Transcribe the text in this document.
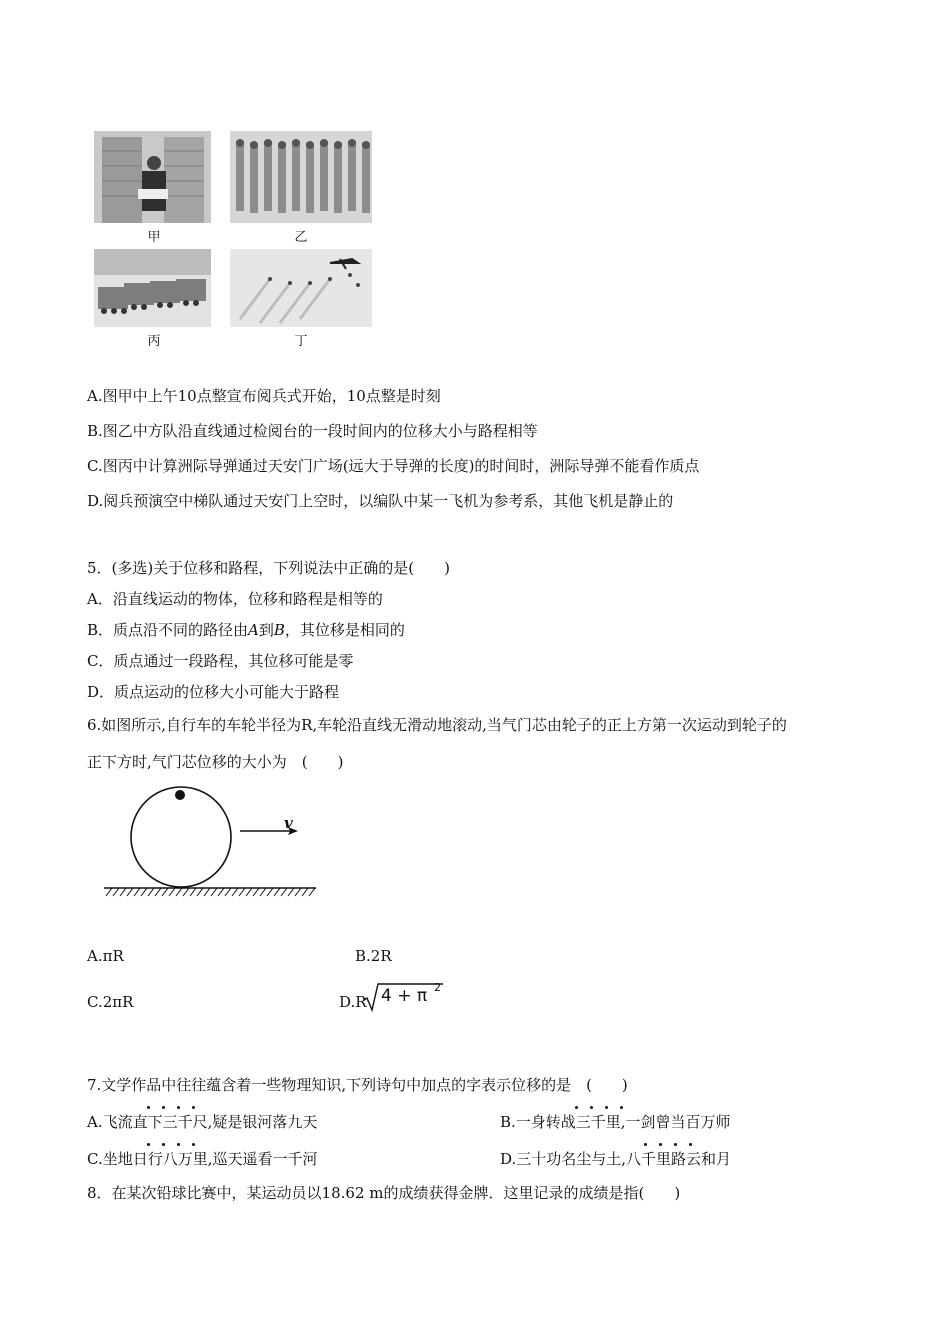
甲	乙
丙	丁
A.图甲中上午10点整宣布阅兵式开始，10点整是时刻
B.图乙中方队沿直线通过检阅台的一段时间内的位移大小与路程相等
C.图丙中计算洲际导弹通过天安门广场(远大于导弹的长度)的时间时，洲际导弹不能看作质点
D.阅兵预演空中梯队通过天安门上空时，以编队中某一飞机为参考系，其他飞机是静止的
5．(多选)关于位移和路程，下列说法中正确的是(　　)
A．沿直线运动的物体，位移和路程是相等的
B．质点沿不同的路径由A到B，其位移是相同的
C．质点通过一段路程，其位移可能是零
D．质点运动的位移大小可能大于路程
6.如图所示,自行车的车轮半径为R,车轮沿直线无滑动地滚动,当气门芯由轮子的正上方第一次运动到轮子的
正下方时,气门芯位移的大小为　(　　)
v
A.πR	B.2R
C.2πR	D.R 4 + π 2
7.文学作品中往往蕴含着一些物理知识,下列诗句中加点的字表示位移的是　(　　)
A.飞流直下三千尺,疑是银河落九天	B.一身转战三千里,一剑曾当百万师
C.坐地日行八万里,巡天遥看一千河	D.三十功名尘与土,八千里路云和月
8．在某次铅球比赛中，某运动员以18.62 m的成绩获得金牌．这里记录的成绩是指(　　)
